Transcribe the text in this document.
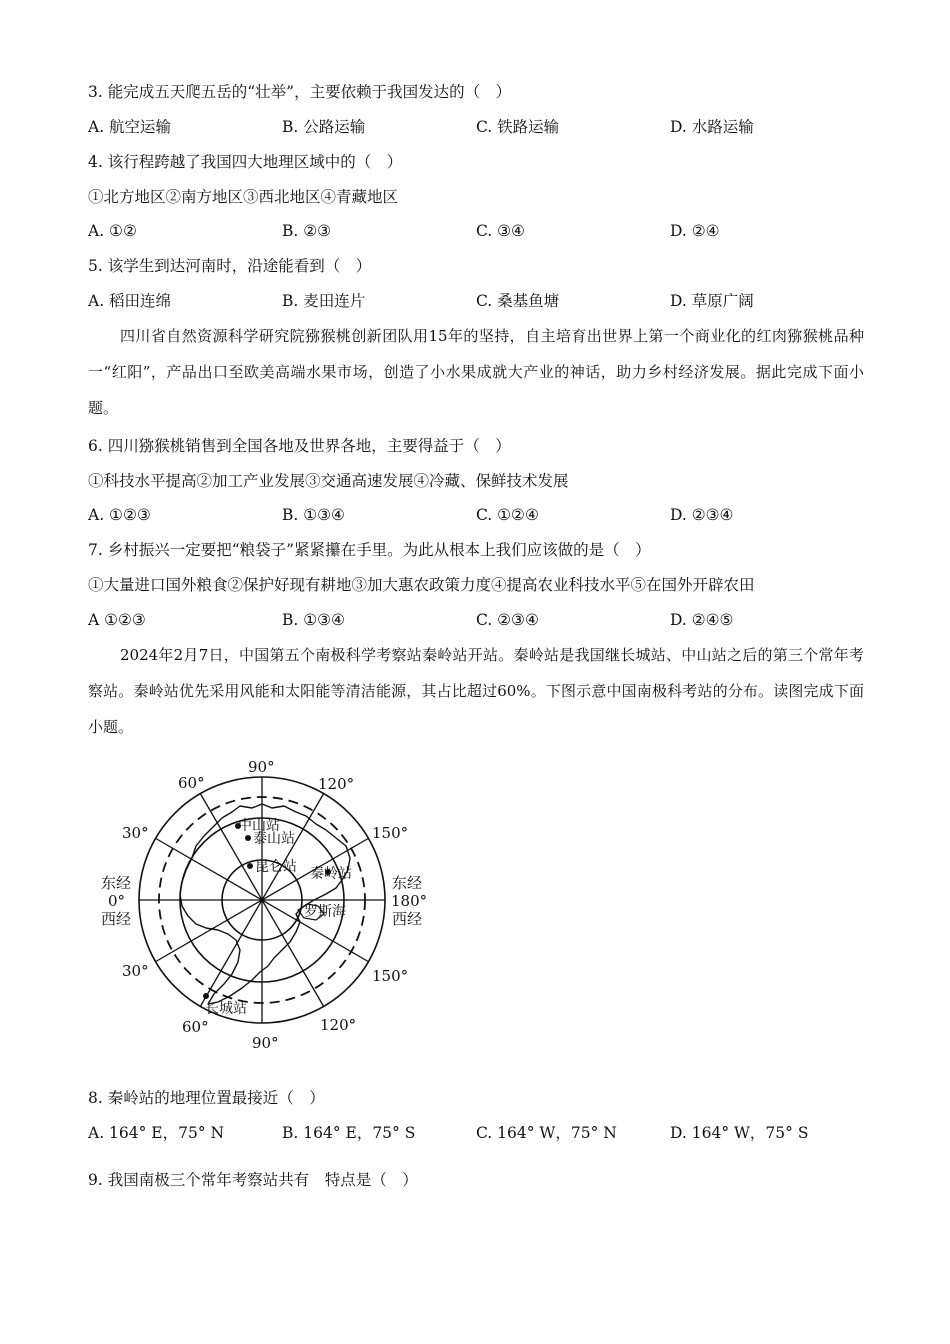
3. 能完成五天爬五岳的“壮举”，主要依赖于我国发达的（　）
A. 航空运输	B. 公路运输	C. 铁路运输	D. 水路运输
4. 该行程跨越了我国四大地理区域中的（　）
①北方地区②南方地区③西北地区④青藏地区
A. ①②	B. ②③	C. ③④	D. ②④
5. 该学生到达河南时，沿途能看到（　）
A. 稻田连绵	B. 麦田连片	C. 桑基鱼塘	D. 草原广阔
四川省自然资源科学研究院猕猴桃创新团队用15年的坚持，自主培育出世界上第一个商业化的红肉猕猴桃品种一“红阳”，产品出口至欧美高端水果市场，创造了小水果成就大产业的神话，助力乡村经济发展。据此完成下面小题。
6. 四川猕猴桃销售到全国各地及世界各地，主要得益于（　）
①科技水平提高②加工产业发展③交通高速发展④冷藏、保鲜技术发展
A. ①②③	B. ①③④	C. ①②④	D. ②③④
7. 乡村振兴一定要把“粮袋子”紧紧攥在手里。为此从根本上我们应该做的是（　）
①大量进口国外粮食②保护好现有耕地③加大惠农政策力度④提高农业科技水平⑤在国外开辟农田
A ①②③	B. ①③④	C. ②③④	D. ②④⑤
2024年2月7日，中国第五个南极科学考察站秦岭站开站。秦岭站是我国继长城站、中山站之后的第三个常年考察站。秦岭站优先采用风能和太阳能等清洁能源，其占比超过60%。下图示意中国南极科考站的分布。读图完成下面小题。
中山站
泰山站
昆仑站 秦岭站
长城站
罗斯海
90°
120°
150°
东经
180°
西经
150°
120°
90°
60°
30°
东经
0°
西经
30°
60°
8. 秦岭站的地理位置最接近（　）
A. 164° E，75° N	B. 164° E，75° S	C. 164° W，75° N	D. 164° W，75° S
9. 我国南极三个常年考察站共有　特点是（　）
